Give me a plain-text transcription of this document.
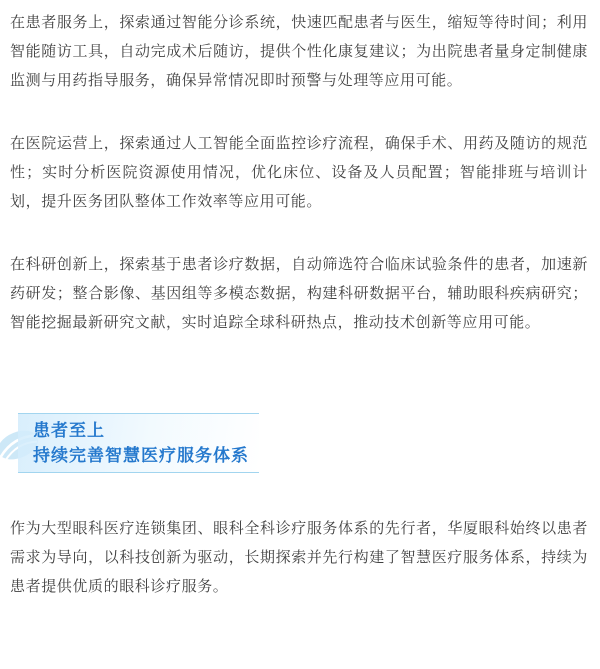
在患者服务上，探索通过智能分诊系统，快速匹配患者与医生，缩短等待时间；利用智能随访工具，自动完成术后随访，提供个性化康复建议；为出院患者量身定制健康监测与用药指导服务，确保异常情况即时预警与处理等应用可能。

在医院运营上，探索通过人工智能全面监控诊疗流程，确保手术、用药及随访的规范性；实时分析医院资源使用情况，优化床位、设备及人员配置；智能排班与培训计划，提升医务团队整体工作效率等应用可能。

在科研创新上，探索基于患者诊疗数据，自动筛选符合临床试验条件的患者，加速新药研发；整合影像、基因组等多模态数据，构建科研数据平台，辅助眼科疾病研究；智能挖掘最新研究文献，实时追踪全球科研热点，推动技术创新等应用可能。

患者至上
持续完善智慧医疗服务体系

作为大型眼科医疗连锁集团、眼科全科诊疗服务体系的先行者，华厦眼科始终以患者需求为导向，以科技创新为驱动，长期探索并先行构建了智慧医疗服务体系，持续为患者提供优质的眼科诊疗服务。
